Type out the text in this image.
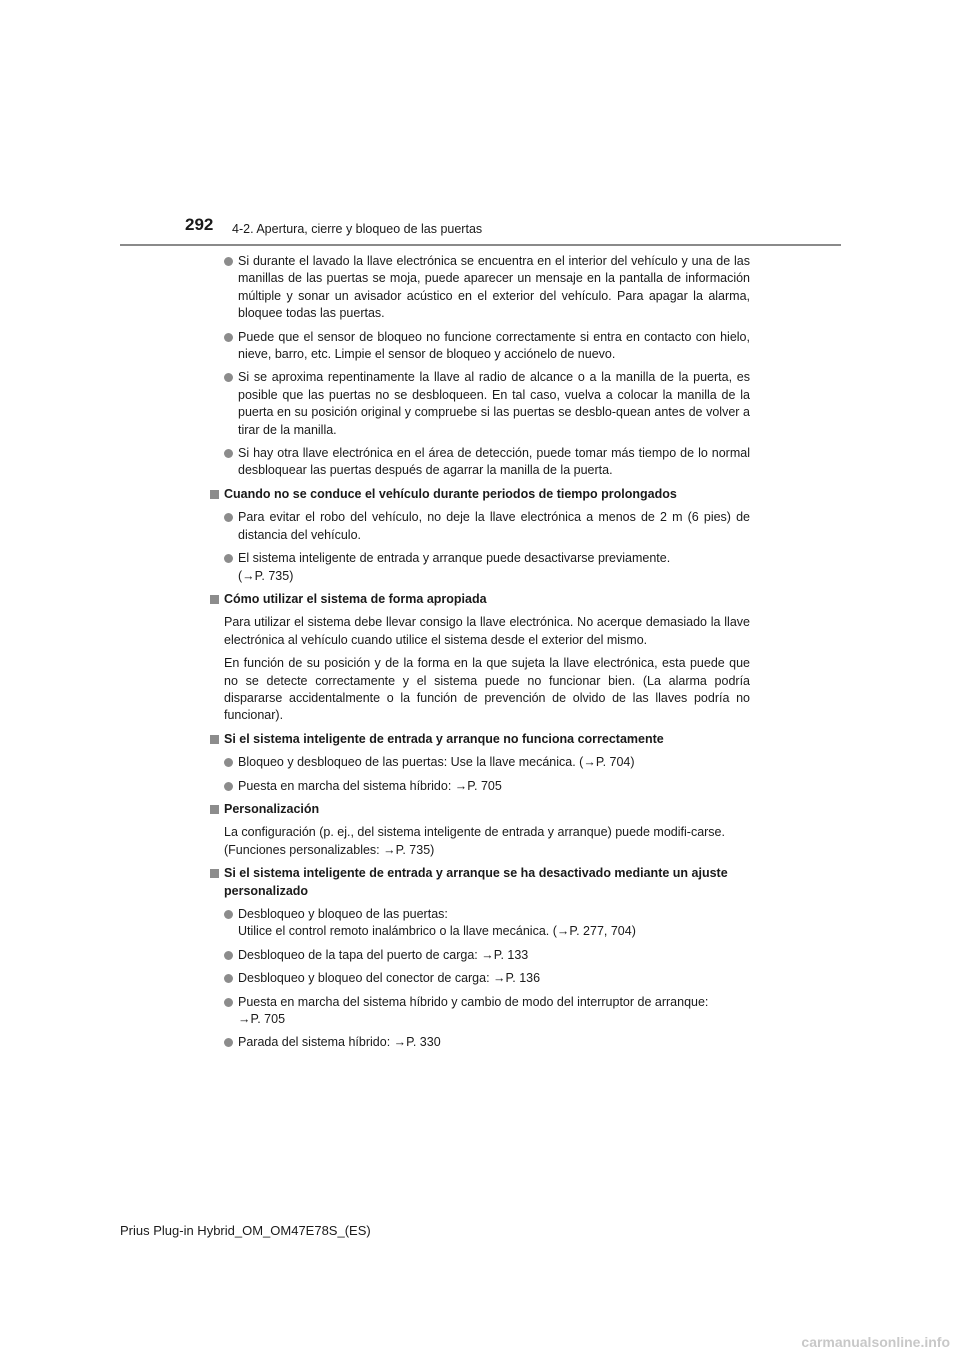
292 4-2. Apertura, cierre y bloqueo de las puertas
Si durante el lavado la llave electrónica se encuentra en el interior del vehículo y una de las manillas de las puertas se moja, puede aparecer un mensaje en la pantalla de información múltiple y sonar un avisador acústico en el exterior del vehículo. Para apagar la alarma, bloquee todas las puertas.
Puede que el sensor de bloqueo no funcione correctamente si entra en contacto con hielo, nieve, barro, etc. Limpie el sensor de bloqueo y acciónelo de nuevo.
Si se aproxima repentinamente la llave al radio de alcance o a la manilla de la puerta, es posible que las puertas no se desbloqueen. En tal caso, vuelva a colocar la manilla de la puerta en su posición original y compruebe si las puertas se desblo-quean antes de volver a tirar de la manilla.
Si hay otra llave electrónica en el área de detección, puede tomar más tiempo de lo normal desbloquear las puertas después de agarrar la manilla de la puerta.
Cuando no se conduce el vehículo durante periodos de tiempo prolongados
Para evitar el robo del vehículo, no deje la llave electrónica a menos de 2 m (6 pies) de distancia del vehículo.
El sistema inteligente de entrada y arranque puede desactivarse previamente.
(→P. 735)
Cómo utilizar el sistema de forma apropiada
Para utilizar el sistema debe llevar consigo la llave electrónica. No acerque demasiado la llave electrónica al vehículo cuando utilice el sistema desde el exterior del mismo.
En función de su posición y de la forma en la que sujeta la llave electrónica, esta puede que no se detecte correctamente y el sistema puede no funcionar bien. (La alarma podría dispararse accidentalmente o la función de prevención de olvido de las llaves podría no funcionar).
Si el sistema inteligente de entrada y arranque no funciona correctamente
Bloqueo y desbloqueo de las puertas: Use la llave mecánica. (→P. 704)
Puesta en marcha del sistema híbrido: →P. 705
Personalización
La configuración (p. ej., del sistema inteligente de entrada y arranque) puede modifi-carse.
(Funciones personalizables: →P. 735)
Si el sistema inteligente de entrada y arranque se ha desactivado mediante un ajuste personalizado
Desbloqueo y bloqueo de las puertas:
Utilice el control remoto inalámbrico o la llave mecánica. (→P. 277, 704)
Desbloqueo de la tapa del puerto de carga: →P. 133
Desbloqueo y bloqueo del conector de carga: →P. 136
Puesta en marcha del sistema híbrido y cambio de modo del interruptor de arranque:
→P. 705
Parada del sistema híbrido: →P. 330
Prius Plug-in Hybrid_OM_OM47E78S_(ES)
carmanualsonline.info
